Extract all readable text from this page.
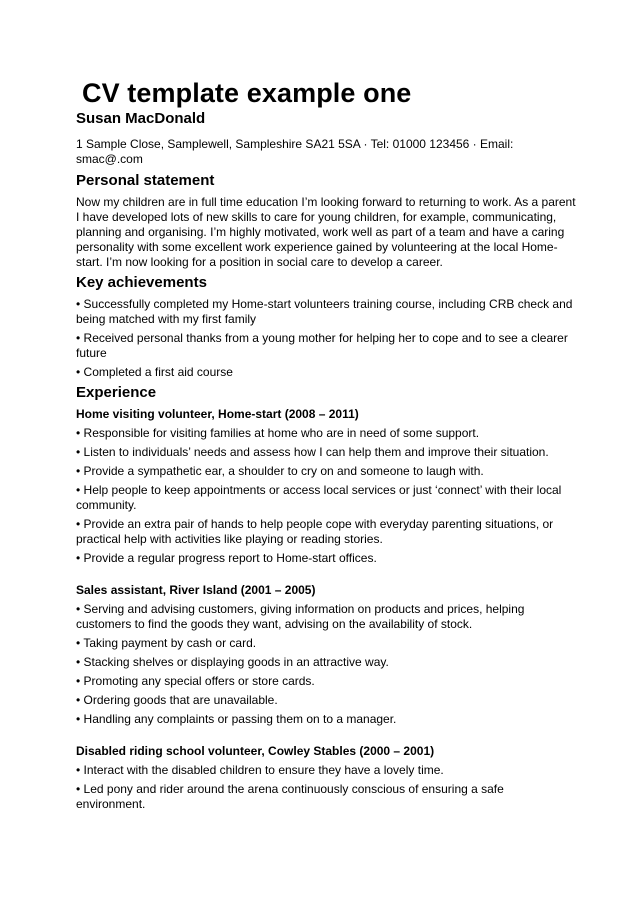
CV template example one
Susan MacDonald
1 Sample Close, Samplewell, Sampleshire SA21 5SA · Tel: 01000 123456 · Email: smac@.com
Personal statement
Now my children are in full time education I’m looking forward to returning to work. As a parent I have developed lots of new skills to care for young children, for example, communicating, planning and organising. I’m highly motivated, work well as part of a team and have a caring personality with some excellent work experience gained by volunteering at the local Home-start. I’m now looking for a position in social care to develop a career.
Key achievements
• Successfully completed my Home-start volunteers training course, including CRB check and being matched with my first family
• Received personal thanks from a young mother for helping her to cope and to see a clearer future
• Completed a first aid course
Experience
Home visiting volunteer, Home-start (2008 – 2011)
• Responsible for visiting families at home who are in need of some support.
• Listen to individuals’ needs and assess how I can help them and improve their situation.
• Provide a sympathetic ear, a shoulder to cry on and someone to laugh with.
• Help people to keep appointments or access local services or just ‘connect’ with their local community.
• Provide an extra pair of hands to help people cope with everyday parenting situations, or practical help with activities like playing or reading stories.
• Provide a regular progress report to Home-start offices.
Sales assistant, River Island (2001 – 2005)
• Serving and advising customers, giving information on products and prices, helping customers to find the goods they want, advising on the availability of stock.
• Taking payment by cash or card.
• Stacking shelves or displaying goods in an attractive way.
• Promoting any special offers or store cards.
• Ordering goods that are unavailable.
• Handling any complaints or passing them on to a manager.
Disabled riding school volunteer, Cowley Stables (2000 – 2001)
• Interact with the disabled children to ensure they have a lovely time.
• Led pony and rider around the arena continuously conscious of ensuring a safe environment.
